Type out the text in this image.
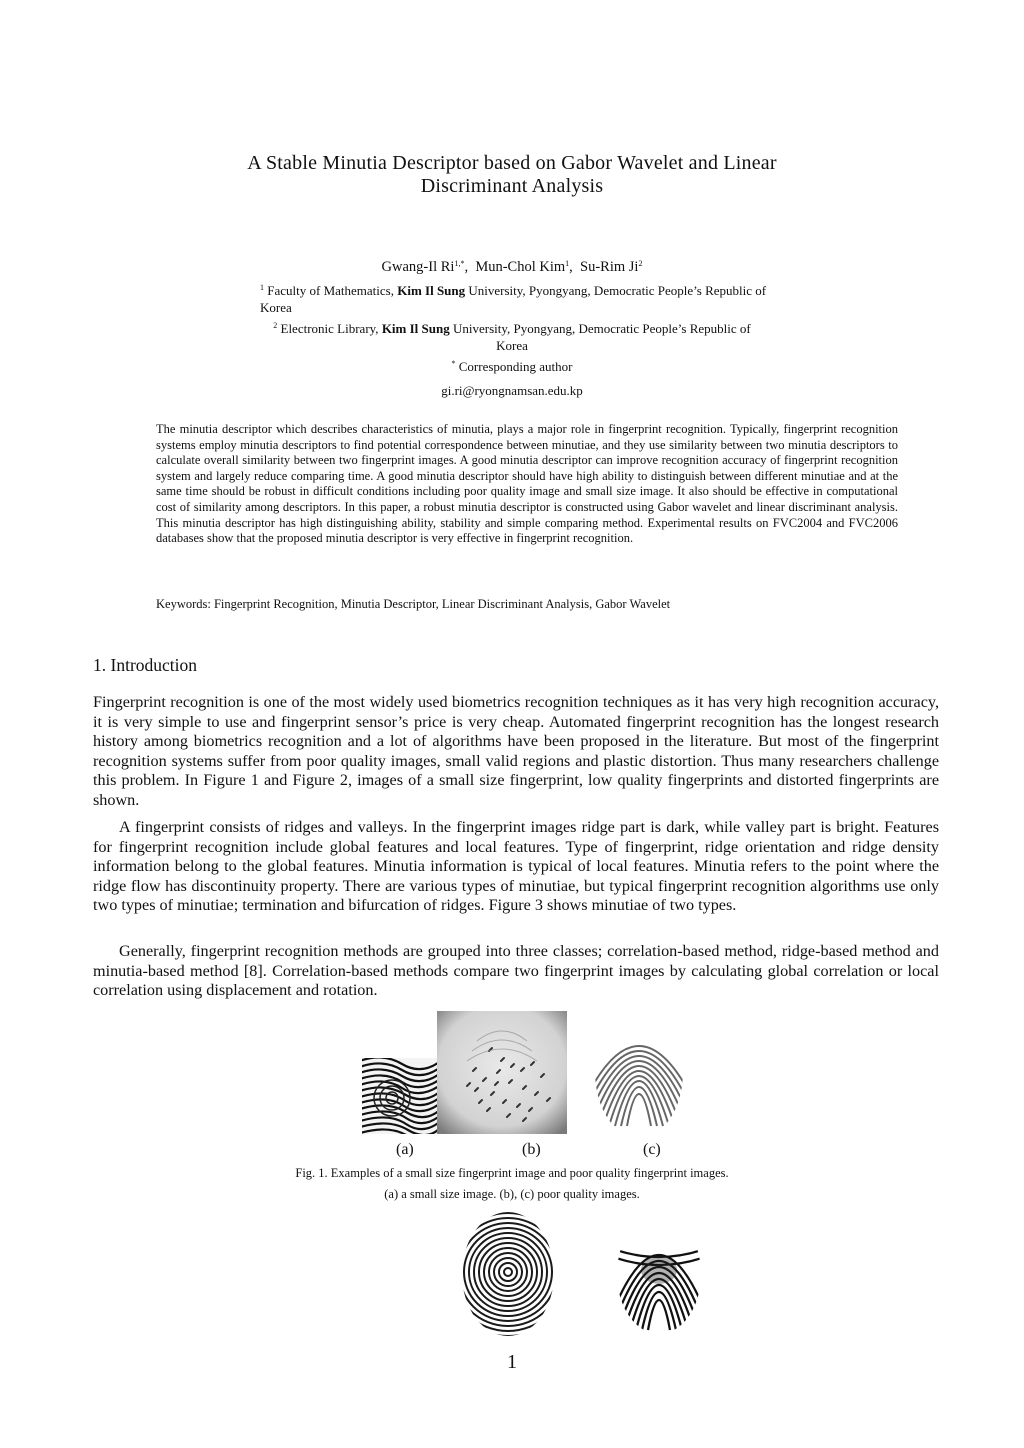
A Stable Minutia Descriptor based on Gabor Wavelet and Linear
Discriminant Analysis
Gwang-Il $Ri^{1,*}$,  Mun-Chol Kim$^1$,  Su-Rim Ji$^2$
$^1$ Faculty of Mathematics, Kim Il Sung University, Pyongyang, Democratic People’s Republic of Korea
$^2$ Electronic Library, Kim Il Sung University, Pyongyang, Democratic People’s Republic of Korea
* Corresponding author
gi.ri@ryongnamsan.edu.kp
The minutia descriptor which describes characteristics of minutia, plays a major role in fingerprint recognition. Typically, fingerprint recognition systems employ minutia descriptors to find potential correspondence between minutiae, and they use similarity between two minutia descriptors to calculate overall similarity between two fingerprint images. A good minutia descriptor can improve recognition accuracy of fingerprint recognition system and largely reduce comparing time. A good minutia descriptor should have high ability to distinguish between different minutiae and at the same time should be robust in difficult conditions including poor quality image and small size image. It also should be effective in computational cost of similarity among descriptors. In this paper, a robust minutia descriptor is constructed using Gabor wavelet and linear discriminant analysis. This minutia descriptor has high distinguishing ability, stability and simple comparing method. Experimental results on FVC2004 and FVC2006 databases show that the proposed minutia descriptor is very effective in fingerprint recognition.
Keywords: Fingerprint Recognition, Minutia Descriptor, Linear Discriminant Analysis, Gabor Wavelet
1. Introduction
Fingerprint recognition is one of the most widely used biometrics recognition techniques as it has very high recognition accuracy, it is very simple to use and fingerprint sensor’s price is very cheap. Automated fingerprint recognition has the longest research history among biometrics recognition and a lot of algorithms have been proposed in the literature. But most of the fingerprint recognition systems suffer from poor quality images, small valid regions and plastic distortion. Thus many researchers challenge this problem. In Figure 1 and Figure 2, images of a small size fingerprint, low quality fingerprints and distorted fingerprints are shown.
A fingerprint consists of ridges and valleys. In the fingerprint images ridge part is dark, while valley part is bright. Features for fingerprint recognition include global features and local features. Type of fingerprint, ridge orientation and ridge density information belong to the global features. Minutia information is typical of local features. Minutia refers to the point where the ridge flow has discontinuity property. There are various types of minutiae, but typical fingerprint recognition algorithms use only two types of minutiae; termination and bifurcation of ridges. Figure 3 shows minutiae of two types.
Generally, fingerprint recognition methods are grouped into three classes; correlation-based method, ridge-based method and minutia-based method [8]. Correlation-based methods compare two fingerprint images by calculating global correlation or local correlation using displacement and rotation.
(a)	(b)	(c)
Fig. 1. Examples of a small size fingerprint image and poor quality fingerprint images.
(a) a small size image. (b), (c) poor quality images.
1
